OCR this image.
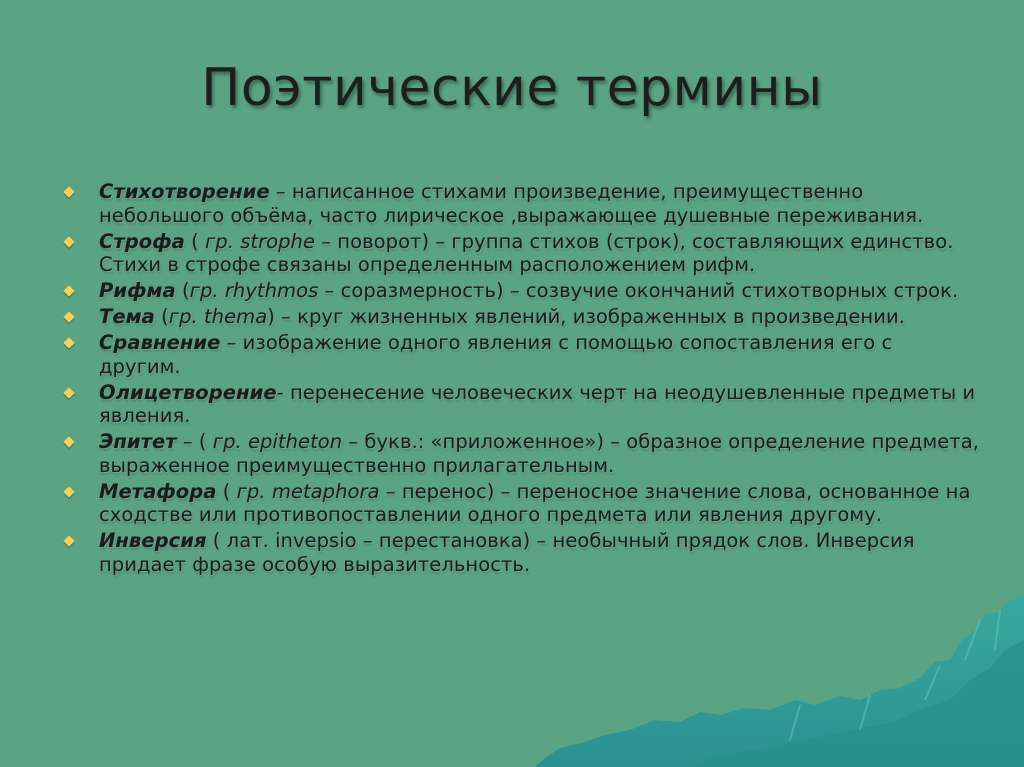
Поэтические термины
Стихотворение – написанное стихами произведение, преимущественно небольшого объёма, часто лирическое ,выражающее душевные переживания.
Строфа ( гр. strophe – поворот) – группа стихов (строк), составляющих единство. Стихи в строфе связаны определенным расположением рифм.
Рифма (гр. rhythmos – соразмерность) – созвучие окончаний стихотворных строк.
Тема (гр. thema) – круг жизненных явлений, изображенных в произведении.
Сравнение – изображение одного явления с помощью сопоставления его с другим.
Олицетворение- перенесение человеческих черт на неодушевленные предметы и явления.
Эпитет – ( гр. epitheton – букв.: «приложенное») – образное определение предмета, выраженное преимущественно прилагательным.
Метафора ( гр. metaphora – перенос) – переносное значение слова, основанное на сходстве или противопоставлении одного предмета или явления другому.
Инверсия ( лат. invepsio – перестановка) – необычный прядок слов. Инверсия придает фразе особую выразительность.
